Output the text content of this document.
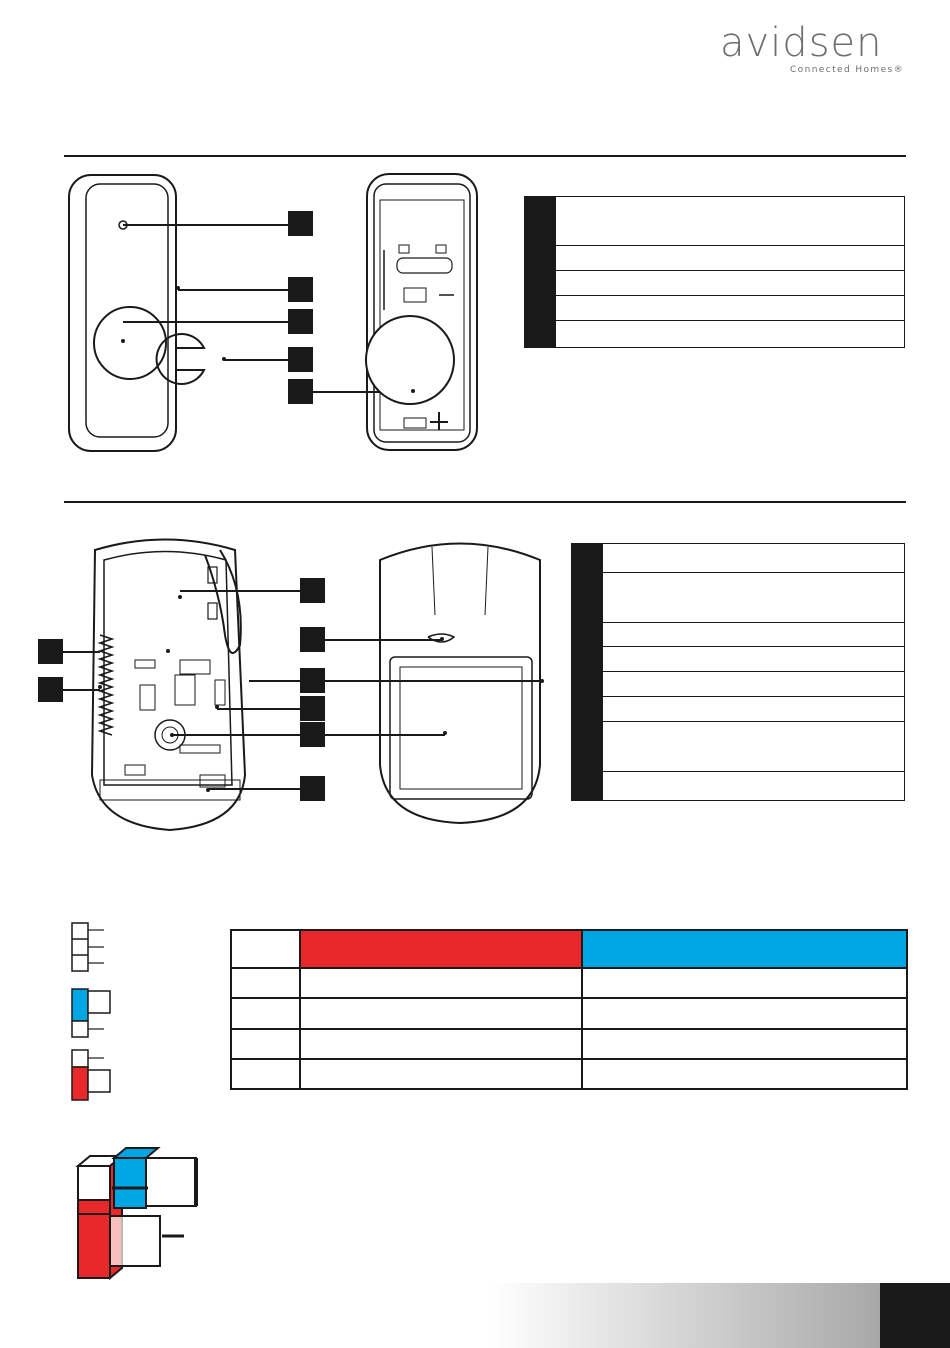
avidsen
Connected Homes®
